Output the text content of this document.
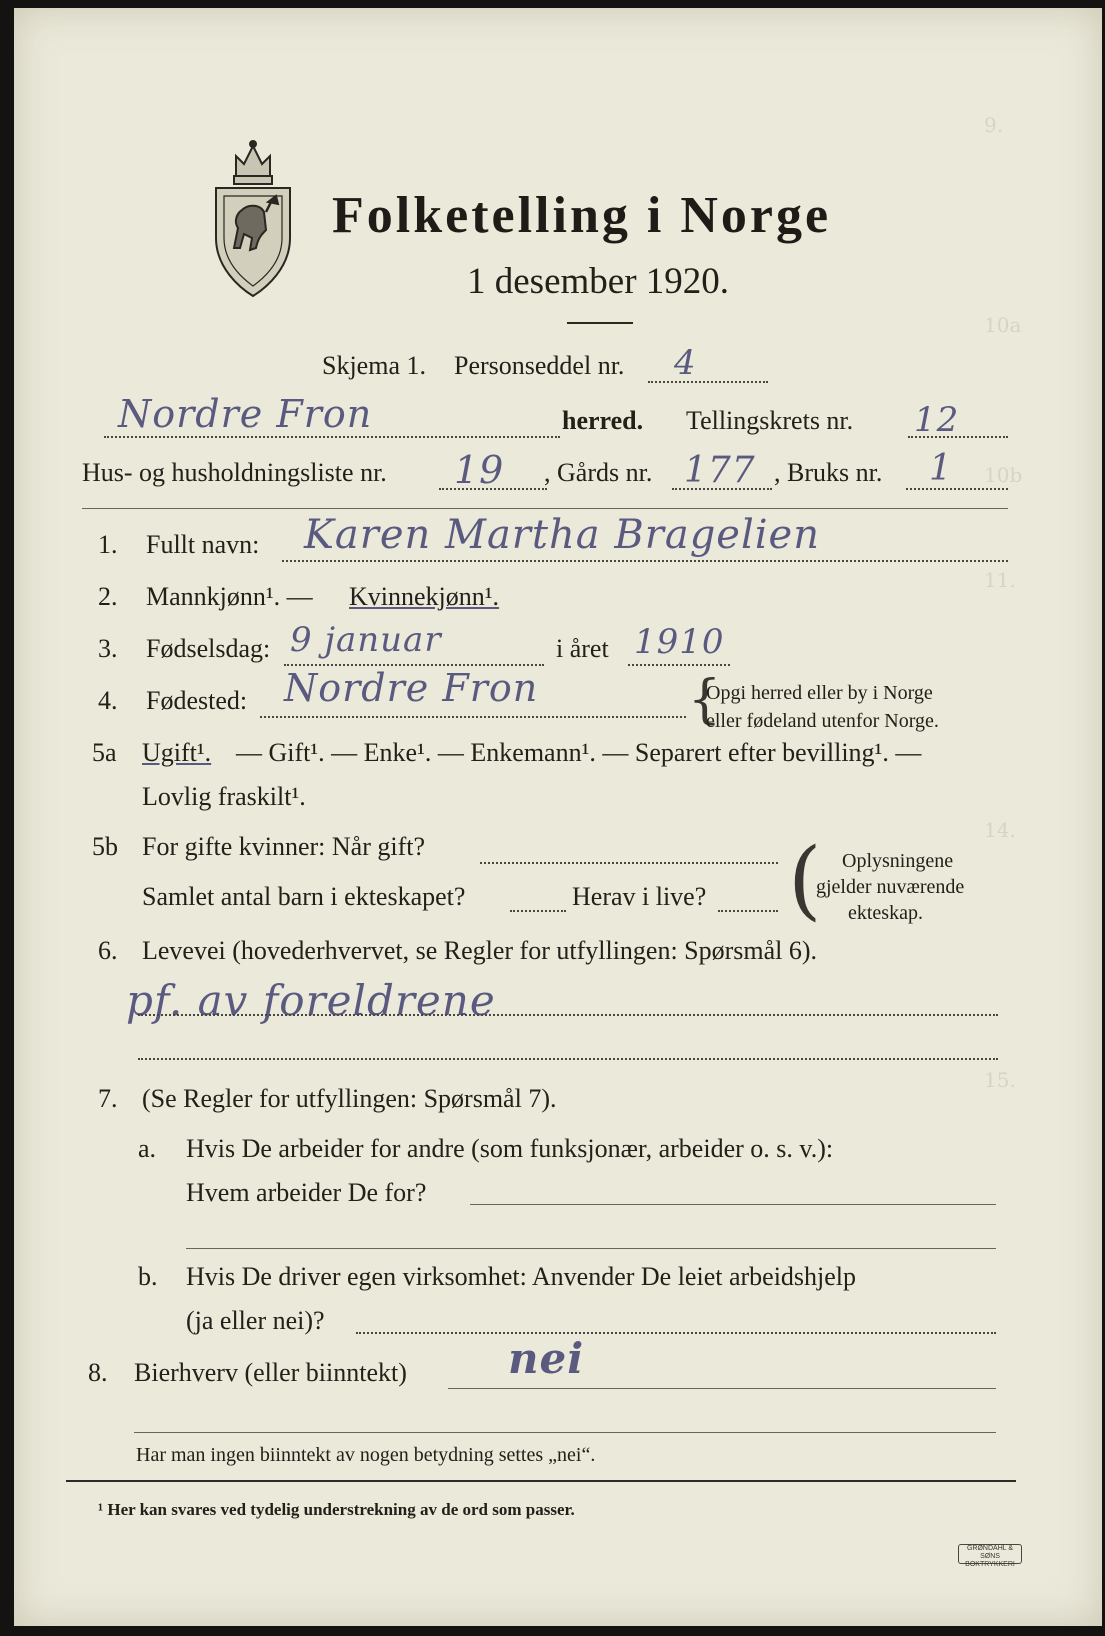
9.
10a
10b
11.
14.
15.
Folketelling i Norge
1 desember 1920.
Skjema 1. Personseddel nr. 4
Nordre Fron	herred. Tellingskrets nr. 12
Hus- og husholdningsliste nr. 19 , Gårds nr. 177 , Bruks nr. 1
1. Fullt navn: Karen Martha Bragelien
2. Mannkjønn¹. — Kvinnekjønn¹.
3. Fødselsdag: 9 januar	i året 1910
4. Fødested: Nordre Fron	{
Opgi herred eller by i Norge
eller fødeland utenfor Norge.
5a Ugift¹. — Gift¹. — Enke¹. — Enkemann¹. — Separert efter bevilling¹. —
Lovlig fraskilt¹.
5b For gifte kvinner: Når gift?
Samlet antal barn i ekteskapet?	Herav i live? ( Oplysningene
gjelder nuværende
ekteskap.
6. Levevei (hovederhvervet, se Regler for utfyllingen: Spørsmål 6).
pf. av foreldrene
7. (Se Regler for utfyllingen: Spørsmål 7).
a. Hvis De arbeider for andre (som funksjonær, arbeider o. s. v.):
Hvem arbeider De for?
b. Hvis De driver egen virksomhet: Anvender De leiet arbeidshjelp
(ja eller nei)?
8. Bierhverv (eller biinntekt) nei
Har man ingen biinntekt av nogen betydning settes „nei“.
¹ Her kan svares ved tydelig understrekning av de ord som passer.
GRØNDAHL & SØNS BOKTRYKKERI
